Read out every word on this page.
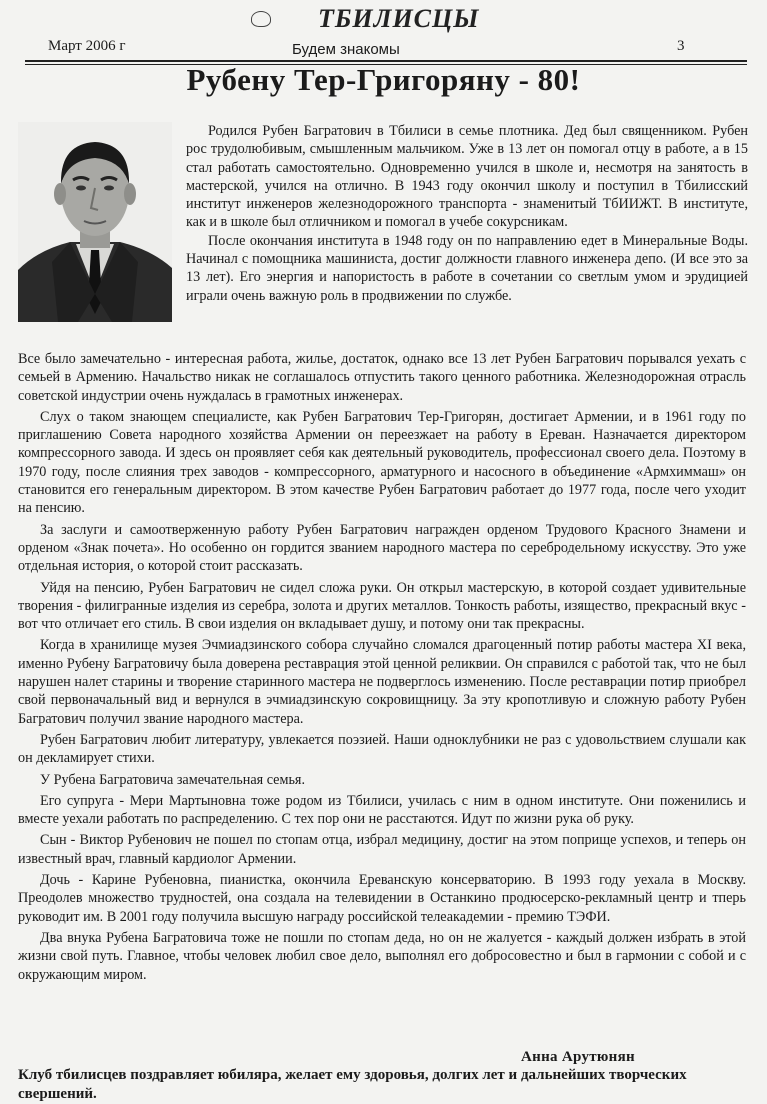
ТБИЛИСЦЫ
Март 2006 г	Будем знакомы	3
Рубену Тер-Григоряну - 80!

Родился Рубен Багратович в Тбилиси в семье плотника. Дед был священником. Рубен рос трудолюбивым, смышленным мальчиком. Уже в 13 лет он помогал отцу в работе, а в 15 стал работать самостоятельно. Одновременно учился в школе и, несмотря на занятость в мастерской, учился на отлично. В 1943 году окончил школу и поступил в Тбилисский институт инженеров железнодорожного транспорта - знаменитый ТбИИЖТ. В институте, как и в школе был отличником и помогал в учебе сокурсникам.

После окончания института в 1948 году он по направлению едет в Минеральные Воды. Начинал с помощника машиниста, достиг должности главного инженера депо. (И все это за 13 лет). Его энергия и напористость в работе в сочетании со светлым умом и эрудицией играли очень важную роль в продвижении по службе.

Все было замечательно - интересная работа, жилье, достаток, однако все 13 лет Рубен Багратович порывался уехать с семьей в Армению. Начальство никак не соглашалось отпустить такого ценного работника. Железнодорожная отрасль советской индустрии очень нуждалась в грамотных инженерах.

Слух о таком знающем специалисте, как Рубен Багратович Тер-Григорян, достигает Армении, и в 1961 году по приглашению Совета народного хозяйства Армении он переезжает на работу в Ереван. Назначается директором компрессорного завода. И здесь он проявляет себя как деятельный руководитель, профессионал своего дела. Поэтому в 1970 году, после слияния трех заводов - компрессорного, арматурного и насосного в объединение «Армхиммаш» он становится его генеральным директором. В этом качестве Рубен Багратович работает до 1977 года, после чего уходит на пенсию.

За заслуги и самоотверженную работу Рубен Багратович награжден орденом Трудового Красного Знамени и орденом «Знак почета». Но особенно он гордится званием народного мастера по серебродельному искусству. Это уже отдельная история, о которой стоит рассказать.

Уйдя на пенсию, Рубен Багратович не сидел сложа руки. Он открыл мастерскую, в которой создает удивительные творения - филигранные изделия из серебра, золота и других металлов. Тонкость работы, изящество, прекрасный вкус - вот что отличает его стиль. В свои изделия он вкладывает душу, и потому они так прекрасны.

Когда в хранилище музея Эчмиадзинского собора случайно сломался драгоценный потир работы мастера XI века, именно Рубену Багратовичу была доверена реставрация этой ценной реликвии. Он справился с работой так, что не был нарушен налет старины и творение старинного мастера не подверглось изменению. После реставрации потир приобрел свой первоначальный вид и вернулся в эчмиадзинскую сокровищницу. За эту кропотливую и сложную работу Рубен Багратович получил звание народного мастера.

Рубен Багратович любит литературу, увлекается поэзией. Наши одноклубники не раз с удовольствием слушали как он декламирует стихи.

У Рубена Багратовича замечательная семья.

Его супруга - Мери Мартыновна тоже родом из Тбилиси, училась с ним в одном институте. Они поженились и вместе уехали работать по распределению. С тех пор они не расстаются. Идут по жизни рука об руку.

Сын - Виктор Рубенович не пошел по стопам отца, избрал медицину, достиг на этом поприще успехов, и теперь он известный врач, главный кардиолог Армении.

Дочь - Карине Рубеновна, пианистка, окончила Ереванскую консерваторию. В 1993 году уехала в Москву. Преодолев множество трудностей, она создала на телевидении в Останкино продюсерско-рекламный центр и тперь руководит им. В 2001 году получила высшую награду российской телеакадемии - премию ТЭФИ.

Два внука Рубена Багратовича тоже не пошли по стопам деда, но он не жалуется - каждый должен избрать в этой жизни свой путь. Главное, чтобы человек любил свое дело, выполнял его добросовестно и был в гармонии с собой и с окружающим миром.

Анна Арутюнян

Клуб тбилисцев поздравляет юбиляра, желает ему здоровья, долгих лет и дальнейших творческих свершений.
